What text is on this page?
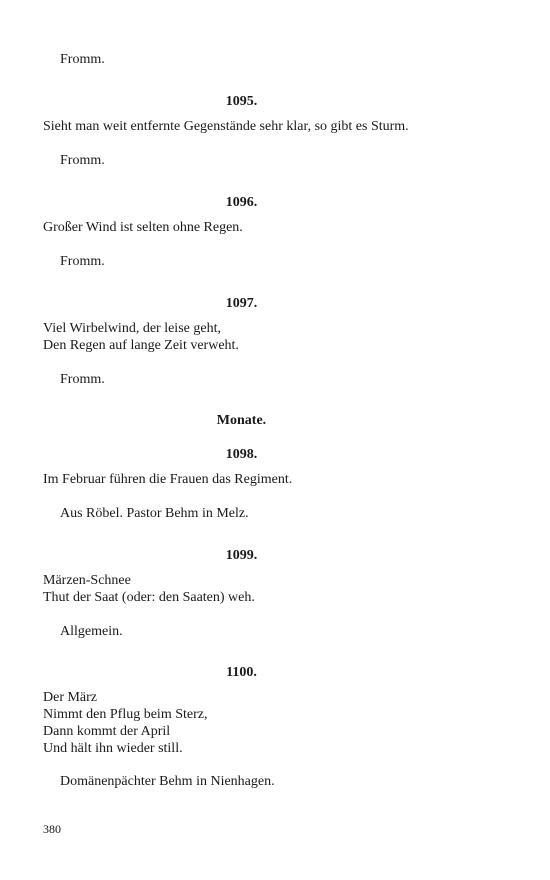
Fromm.
1095.
Sieht man weit entfernte Gegenstände sehr klar, so gibt es Sturm.
Fromm.
1096.
Großer Wind ist selten ohne Regen.
Fromm.
1097.
Viel Wirbelwind, der leise geht,
Den Regen auf lange Zeit verweht.
Fromm.
Monate.
1098.
Im Februar führen die Frauen das Regiment.
Aus Röbel. Pastor Behm in Melz.
1099.
Märzen-Schnee
Thut der Saat (oder: den Saaten) weh.
Allgemein.
1100.
Der März
Nimmt den Pflug beim Sterz,
Dann kommt der April
Und hält ihn wieder still.
Domänenpächter Behm in Nienhagen.
380
